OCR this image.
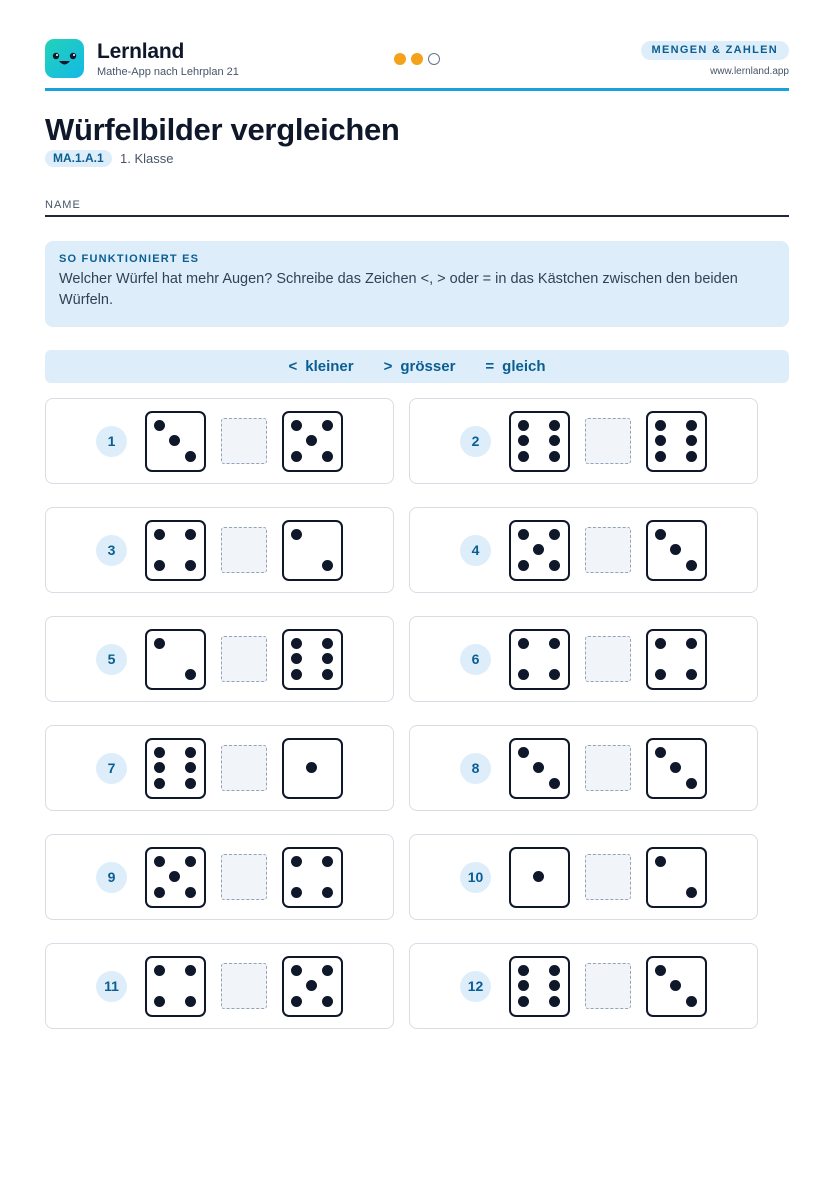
Lernland
Mathe-App nach Lehrplan 21
MENGEN & ZAHLEN
www.lernland.app
Würfelbilder vergleichen
MA.1.A.1	1. Klasse
NAME
SO FUNKTIONIERT ES
Welcher Würfel hat mehr Augen? Schreibe das Zeichen <, > oder = in das Kästchen zwischen den beiden Würfeln.
< kleiner > grösser = gleich
1	2
3	4
5	6
7	8
9	10
11	12
